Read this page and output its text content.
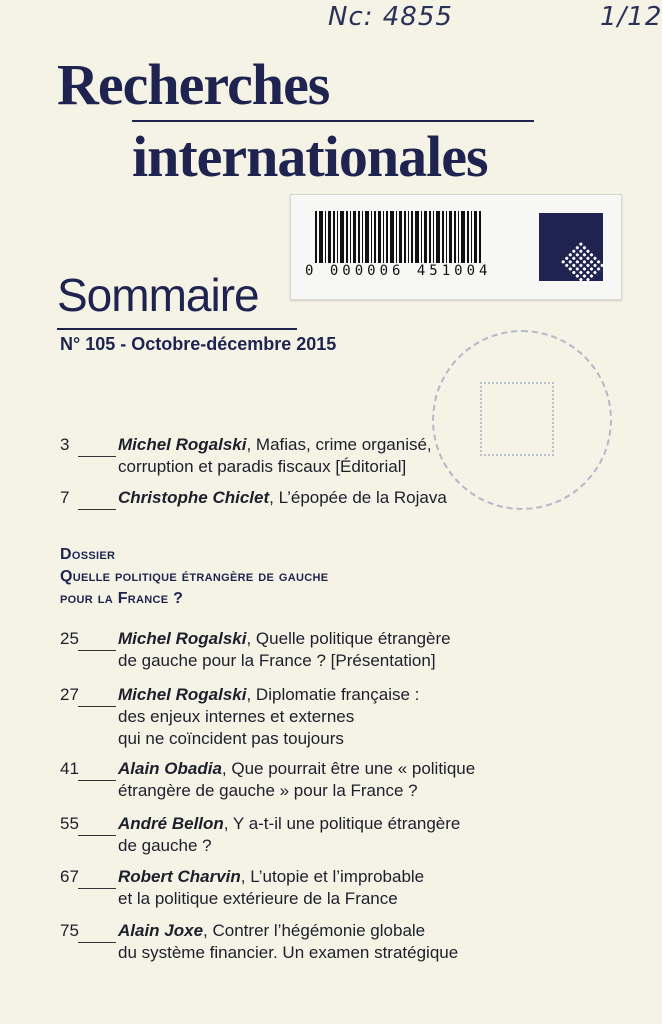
Nc: 4855	1/12
Recherches
internationales
0 000006 451004
Sommaire
N° 105 - Octobre-décembre 2015
3	Michel Rogalski, Mafias, crime organisé,
corruption et paradis fiscaux [Éditorial]
7	Christophe Chiclet, L’épopée de la Rojava
Dossier
Quelle politique étrangère de gauche
pour la France ?
25	Michel Rogalski, Quelle politique étrangère
de gauche pour la France ? [Présentation]
27	Michel Rogalski, Diplomatie française :
des enjeux internes et externes
qui ne coïncident pas toujours
41	Alain Obadia, Que pourrait être une « politique
étrangère de gauche » pour la France ?
55	André Bellon, Y a-t-il une politique étrangère
de gauche ?
67	Robert Charvin, L’utopie et l’improbable
et la politique extérieure de la France
75	Alain Joxe, Contrer l’hégémonie globale
du système financier. Un examen stratégique
